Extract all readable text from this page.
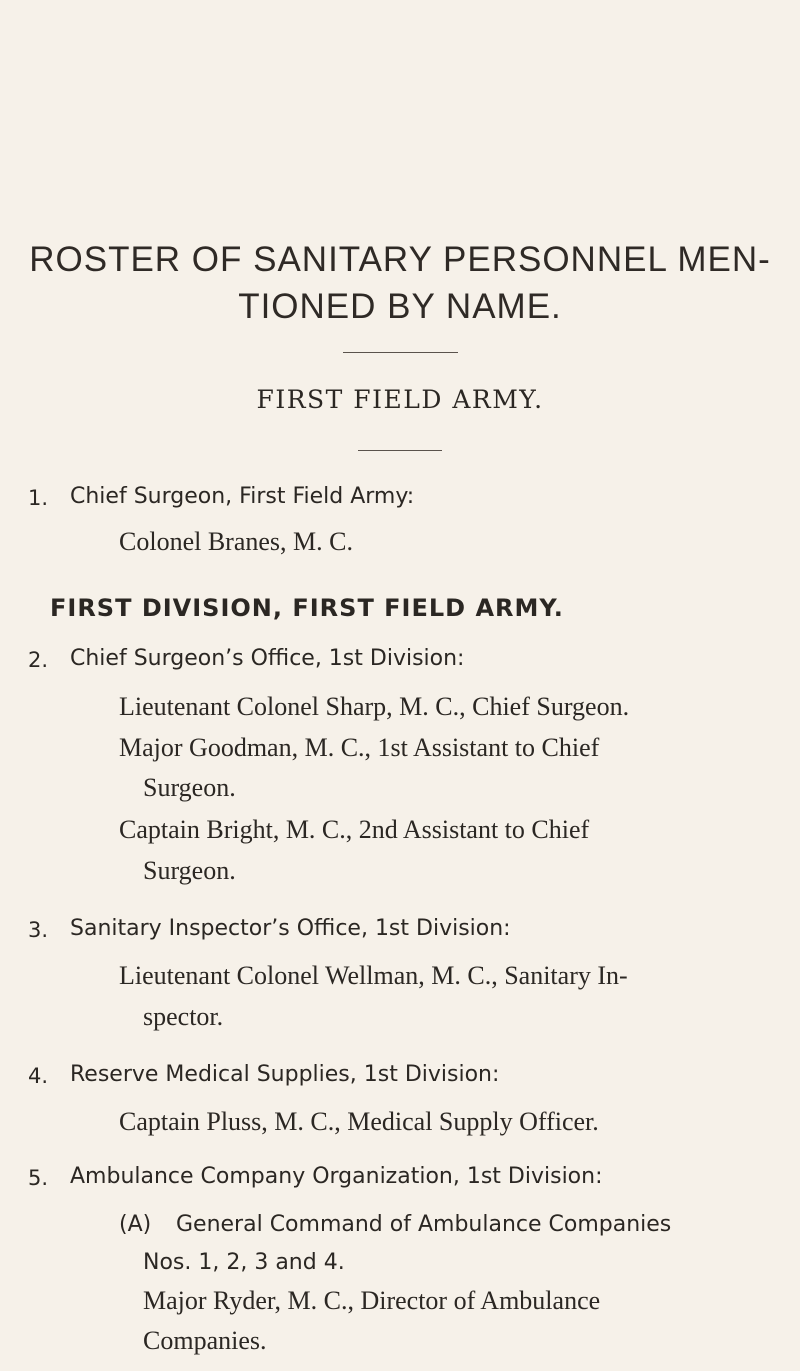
ROSTER OF SANITARY PERSONNEL MEN-
TIONED BY NAME.
FIRST FIELD ARMY.
1. Chief Surgeon, First Field Army:
Colonel Branes, M. C.
FIRST DIVISION, FIRST FIELD ARMY.
2. Chief Surgeon’s Office, 1st Division:
Lieutenant Colonel Sharp, M. C., Chief Surgeon.
Major Goodman, M. C., 1st Assistant to Chief
Surgeon.
Captain Bright, M. C., 2nd Assistant to Chief
Surgeon.
3. Sanitary Inspector’s Office, 1st Division:
Lieutenant Colonel Wellman, M. C., Sanitary In-
spector.
4. Reserve Medical Supplies, 1st Division:
Captain Pluss, M. C., Medical Supply Officer.
5. Ambulance Company Organization, 1st Division:
(A) General Command of Ambulance Companies
Nos. 1, 2, 3 and 4.
Major Ryder, M. C., Director of Ambulance
Companies.
